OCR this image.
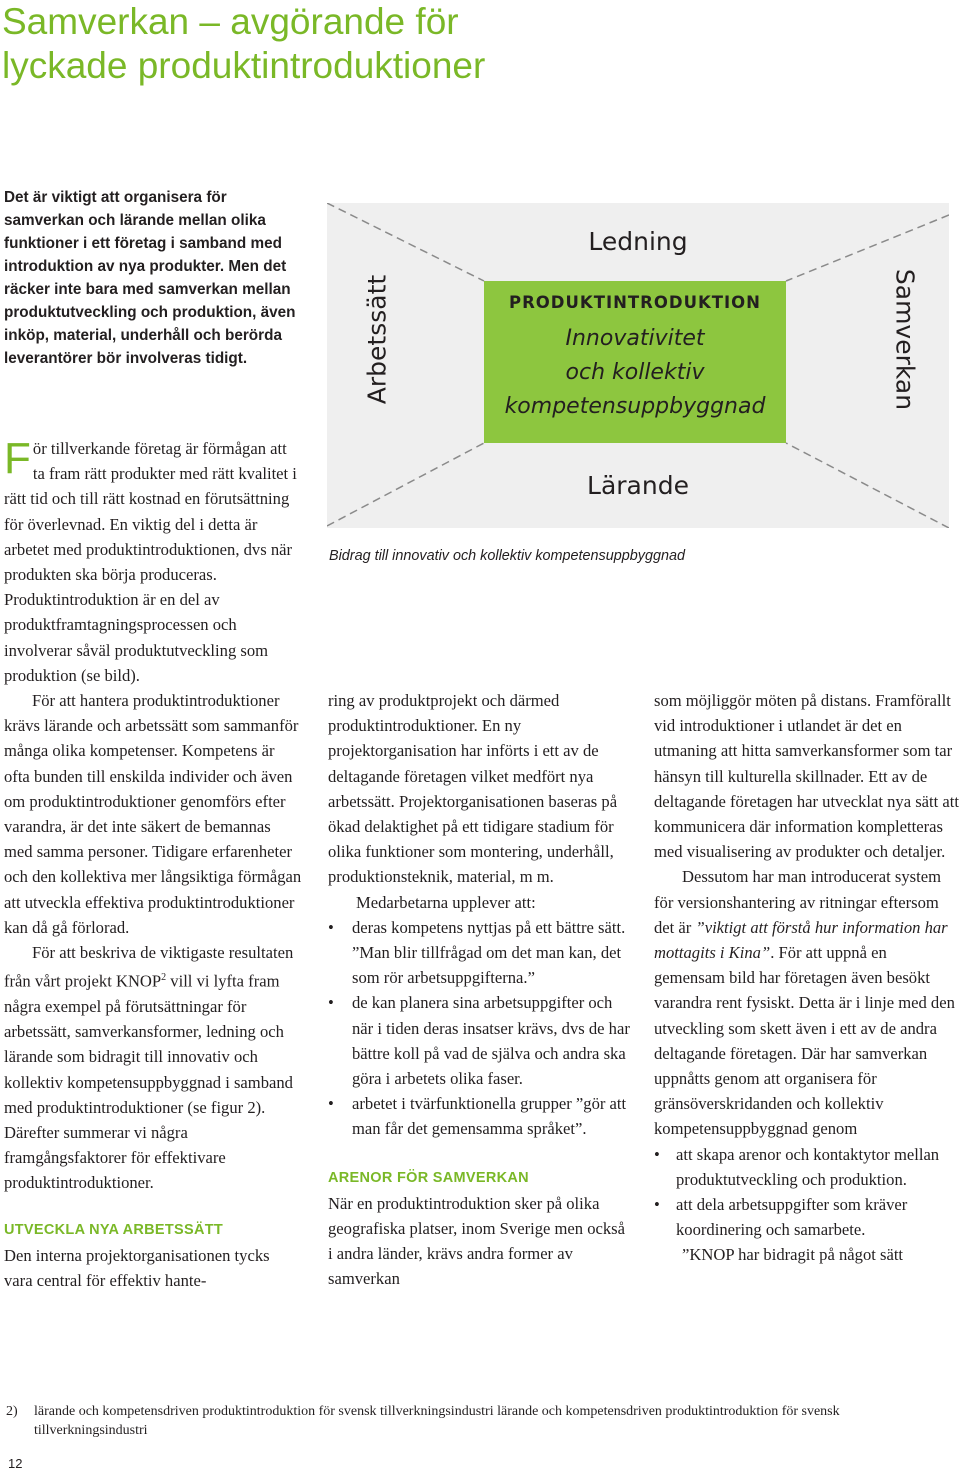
Samverkan – avgörande för
lyckade produktintroduktioner

Det är viktigt att organisera för samverkan och lärande mellan olika funktioner i ett företag i samband med introduktion av nya produkter. Men det räcker inte bara med samverkan mellan produktutveckling och produktion, även inköp, material, underhåll och berörda leverantörer bör involveras tidigt.

För tillverkande företag är förmågan att ta fram rätt produkter med rätt kvalitet i rätt tid och till rätt kostnad en förutsättning för överlevnad. En viktig del i detta är arbetet med produktintroduktionen, dvs när produkten ska börja produceras. Produktintroduktion är en del av produktframtagningsprocessen och involverar såväl produktutveckling som produktion (se bild).

För att hantera produktintroduktioner krävs lärande och arbetssätt som sammanför många olika kompetenser. Kompetens är ofta bunden till enskilda individer och även om produktintroduktioner genomförs efter varandra, är det inte säkert de bemannas med samma personer. Tidigare erfarenheter och den kollektiva mer långsiktiga förmågan att utveckla effektiva produktintroduktioner kan då gå förlorad.

För att beskriva de viktigaste resultaten från vårt projekt KNOP$^2$ vill vi lyfta fram några exempel på förutsättningar för arbetssätt, samverkansformer, ledning och lärande som bidragit till innovativ och kollektiv kompetensuppbyggnad i samband med produktintroduktioner (se figur 2). Därefter summerar vi några framgångsfaktorer för effektivare produktintroduktioner.

UTVECKLA NYA ARBETSSÄTT

Den interna projektorganisationen tycks vara central för effektiv hante-

Ledning
Lärande
Arbetssätt	Samverkan
PRODUKTINTRODUKTION
Innovativitet
och kollektiv
kompetensuppbyggnad
Bidrag till innovativ och kollektiv kompetensuppbyggnad

ring av produktprojekt och därmed produktintroduktioner. En ny projektorganisation har införts i ett av de deltagande företagen vilket medfört nya arbetssätt. Projektorganisationen baseras på ökad delaktighet på ett tidigare stadium för olika funktioner som montering, underhåll, produktionsteknik, material, m m.

Medarbetarna upplever att:

• deras kompetens nyttjas på ett bättre sätt. ”Man blir tillfrågad om det man kan, det som rör arbetsuppgifterna.”
• de kan planera sina arbetsuppgifter och när i tiden deras insatser krävs, dvs de har bättre koll på vad de själva och andra ska göra i arbetets olika faser.
• arbetet i tvärfunktionella grupper ”gör att man får det gemensamma språket”.

ARENOR FÖR SAMVERKAN

När en produktintroduktion sker på olika geografiska platser, inom Sverige men också i andra länder, krävs andra former av samverkan

som möjliggör möten på distans. Framförallt vid introduktioner i utlandet är det en utmaning att hitta samverkansformer som tar hänsyn till kulturella skillnader. Ett av de deltagande företagen har utvecklat nya sätt att kommunicera där information kompletteras med visualisering av produkter och detaljer.

Dessutom har man introducerat system för versionshantering av ritningar eftersom det är ”viktigt att förstå hur information har mottagits i Kina”. För att uppnå en gemensam bild har företagen även besökt varandra rent fysiskt. Detta är i linje med den utveckling som skett även i ett av de andra deltagande företagen. Där har samverkan uppnåtts genom att organisera för gränsöverskridanden och kollektiv kompetensuppbyggnad genom

• att skapa arenor och kontaktytor mellan produktutveckling och produktion.
• att dela arbetsuppgifter som kräver koordinering och samarbete.

”KNOP har bidragit på något sätt

2) lärande och kompetensdriven produktintroduktion för svensk tillverkningsindustri lärande och kompetensdriven produktintroduktion för svensk tillverkningsindustri
12
